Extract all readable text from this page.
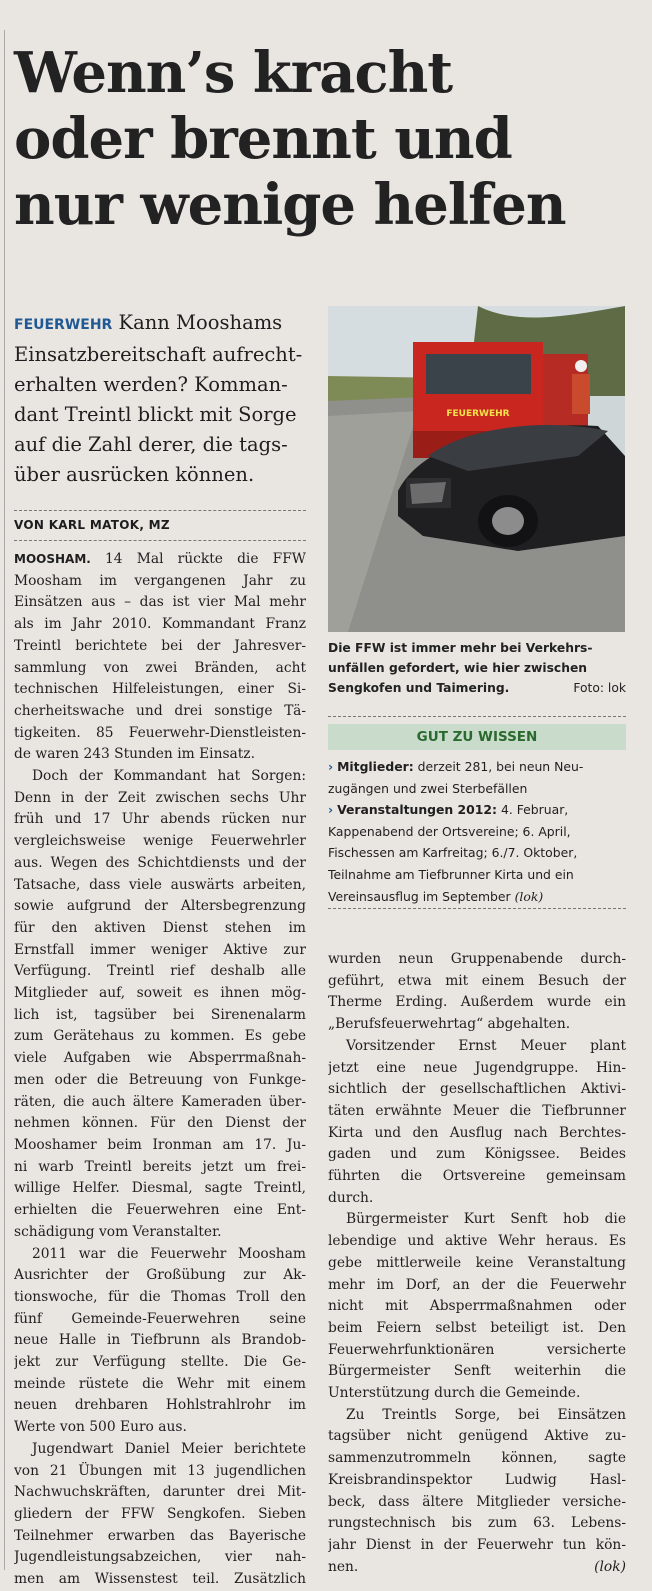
Wenn’s kracht
oder brennt und
nur wenige helfen
FEUERWEHR Kann Mooshams
Einsatzbereitschaft aufrecht-
erhalten werden? Komman-
dant Treintl blickt mit Sorge
auf die Zahl derer, die tags-
über ausrücken können.
VON KARL MATOK, MZ

MOOSHAM. 14 Mal rückte die FFW
Moosham im vergangenen Jahr zu
Einsätzen aus – das ist vier Mal mehr
als im Jahr 2010. Kommandant Franz
Treintl berichtete bei der Jahresver-
sammlung von zwei Bränden, acht
technischen Hilfeleistungen, einer Si-
cherheitswache und drei sonstige Tä-
tigkeiten. 85 Feuerwehr-Dienstleisten-
de waren 243 Stunden im Einsatz.

Doch der Kommandant hat Sorgen:
Denn in der Zeit zwischen sechs Uhr
früh und 17 Uhr abends rücken nur
vergleichsweise wenige Feuerwehrler
aus. Wegen des Schichtdiensts und der
Tatsache, dass viele auswärts arbeiten,
sowie aufgrund der Altersbegrenzung
für den aktiven Dienst stehen im
Ernstfall immer weniger Aktive zur
Verfügung. Treintl rief deshalb alle
Mitglieder auf, soweit es ihnen mög-
lich ist, tagsüber bei Sirenenalarm
zum Gerätehaus zu kommen. Es gebe
viele Aufgaben wie Absperrmaßnah-
men oder die Betreuung von Funkge-
räten, die auch ältere Kameraden über-
nehmen können. Für den Dienst der
Mooshamer beim Ironman am 17. Ju-
ni warb Treintl bereits jetzt um frei-
willige Helfer. Diesmal, sagte Treintl,
erhielten die Feuerwehren eine Ent-
schädigung vom Veranstalter.

2011 war die Feuerwehr Moosham
Ausrichter der Großübung zur Ak-
tionswoche, für die Thomas Troll den
fünf Gemeinde-Feuerwehren seine
neue Halle in Tiefbrunn als Brandob-
jekt zur Verfügung stellte. Die Ge-
meinde rüstete die Wehr mit einem
neuen drehbaren Hohlstrahlrohr im
Werte von 500 Euro aus.

Jugendwart Daniel Meier berichtete
von 21 Übungen mit 13 jugendlichen
Nachwuchskräften, darunter drei Mit-
gliedern der FFW Sengkofen. Sieben
Teilnehmer erwarben das Bayerische
Jugendleistungsabzeichen, vier nah-
men am Wissenstest teil. Zusätzlich

FEUERWEHR
Die FFW ist immer mehr bei Verkehrs-
unfällen gefordert, wie hier zwischen
Sengkofen und Taimering.	Foto: lok
GUT ZU WISSEN
› Mitglieder: derzeit 281, bei neun Neu-
zugängen und zwei Sterbefällen
› Veranstaltungen 2012: 4. Februar,
Kappenabend der Ortsvereine; 6. April,
Fischessen am Karfreitag; 6./7. Oktober,
Teilnahme am Tiefbrunner Kirta und ein
Vereinsausflug im September (lok)

wurden neun Gruppenabende durch-
geführt, etwa mit einem Besuch der
Therme Erding. Außerdem wurde ein
„Berufsfeuerwehrtag“ abgehalten.

Vorsitzender Ernst Meuer plant
jetzt eine neue Jugendgruppe. Hin-
sichtlich der gesellschaftlichen Aktivi-
täten erwähnte Meuer die Tiefbrunner
Kirta und den Ausflug nach Berchtes-
gaden und zum Königssee. Beides
führten die Ortsvereine gemeinsam
durch.

Bürgermeister Kurt Senft hob die
lebendige und aktive Wehr heraus. Es
gebe mittlerweile keine Veranstaltung
mehr im Dorf, an der die Feuerwehr
nicht mit Absperrmaßnahmen oder
beim Feiern selbst beteiligt ist. Den
Feuerwehrfunktionären versicherte
Bürgermeister Senft weiterhin die
Unterstützung durch die Gemeinde.

Zu Treintls Sorge, bei Einsätzen
tagsüber nicht genügend Aktive zu-
sammenzutrommeln können, sagte
Kreisbrandinspektor Ludwig Hasl-
beck, dass ältere Mitglieder versiche-
rungstechnisch bis zum 63. Lebens-
jahr Dienst in der Feuerwehr tun kön-
nen.	(lok)
